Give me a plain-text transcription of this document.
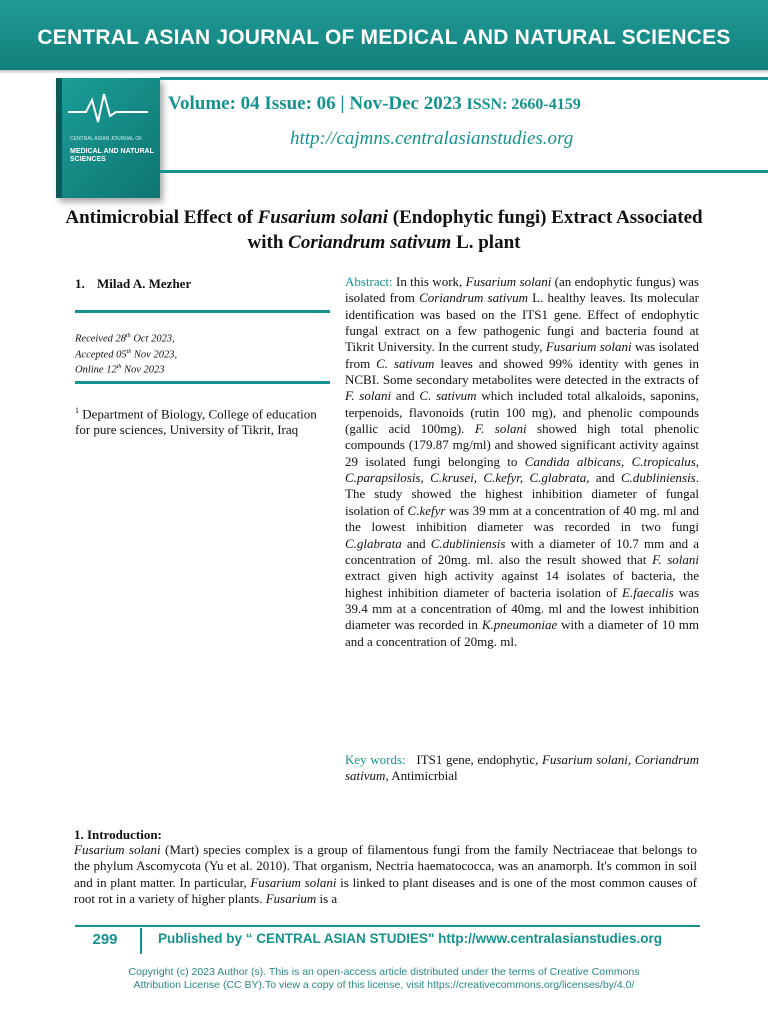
CENTRAL ASIAN JOURNAL OF MEDICAL AND NATURAL SCIENCES
CENTRAL ASIAN JOURNAL OF
MEDICAL AND NATURAL SCIENCES
Volume: 04 Issue: 06 | Nov-Dec 2023 ISSN: 2660-4159
http://cajmns.centralasianstudies.org
Antimicrobial Effect of Fusarium solani (Endophytic fungi) Extract Associated with Coriandrum sativum L. plant
1. Milad A. Mezher
Received 28th Oct 2023,
Accepted 05th Nov 2023,
Online 12th Nov 2023
$^1$ Department of Biology, College of education for pure sciences, University of Tikrit, Iraq
Abstract: In this work, Fusarium solani (an endophytic fungus) was isolated from Coriandrum sativum L. healthy leaves. Its molecular identification was based on the ITS1 gene. Effect of endophytic fungal extract on a few pathogenic fungi and bacteria found at Tikrit University. In the current study, Fusarium solani was isolated from C. sativum leaves and showed 99% identity with genes in NCBI. Some secondary metabolites were detected in the extracts of F. solani and C. sativum which included total alkaloids, saponins, terpenoids, flavonoids (rutin 100 mg), and phenolic compounds (gallic acid 100mg). F. solani showed high total phenolic compounds (179.87 mg/ml) and showed significant activity against 29 isolated fungi belonging to Candida albicans, C.tropicalus, C.parapsilosis, C.krusei, C.kefyr, C.glabrata, and C.dubliniensis. The study showed the highest inhibition diameter of fungal isolation of C.kefyr was 39 mm at a concentration of 40 mg. ml and the lowest inhibition diameter was recorded in two fungi C.glabrata and C.dubliniensis with a diameter of 10.7 mm and a concentration of 20mg. ml. also the result showed that F. solani extract given high activity against 14 isolates of bacteria, the highest inhibition diameter of bacteria isolation of E.faecalis was 39.4 mm at a concentration of 40mg. ml and the lowest inhibition diameter was recorded in K.pneumoniae with a diameter of 10 mm and a concentration of 20mg. ml.
Key words:   ITS1 gene, endophytic, Fusarium solani, Coriandrum sativum, Antimicrbial
1. Introduction:
Fusarium solani (Mart) species complex is a group of filamentous fungi from the family Nectriaceae that belongs to the phylum Ascomycota (Yu et al. 2010). That organism, Nectria haematococca, was an anamorph. It's common in soil and in plant matter. In particular, Fusarium solani is linked to plant diseases and is one of the most common causes of root rot in a variety of higher plants. Fusarium is a
299	Published by “ CENTRAL ASIAN STUDIES" http://www.centralasianstudies.org
Copyright (c) 2023 Author (s). This is an open-access article distributed under the terms of Creative Commons
Attribution License (CC BY).To view a copy of this license, visit https://creativecommons.org/licenses/by/4.0/
